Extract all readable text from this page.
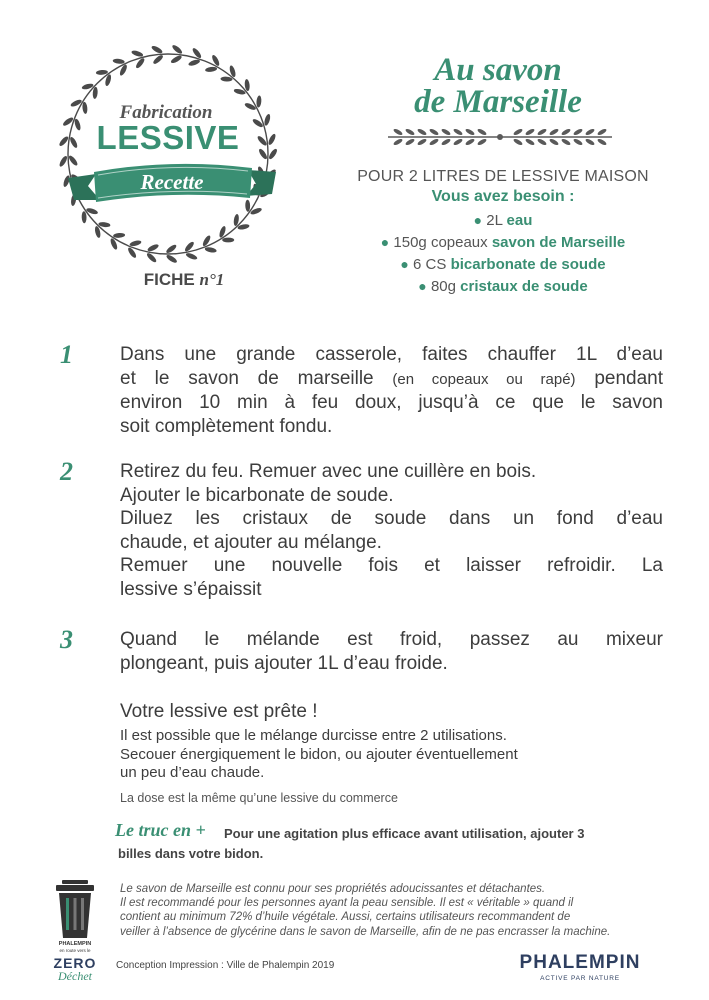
Fabrication
LESSIVE
Recette
FICHE n°1
Au savon
de Marseille
POUR 2 LITRES DE LESSIVE MAISON
Vous avez besoin :
● 2L eau
● 150g copeaux savon de Marseille
● 6 CS bicarbonate de soude
● 80g cristaux de soude
1	Dans une grande casserole, faites chauffer 1L d’eau
et le savon de marseille (en copeaux ou rapé) pendant
environ 10 min à feu doux, jusqu’à ce que le savon
soit complètement fondu.
2	Retirez du feu. Remuer avec une cuillère en bois.
Ajouter le bicarbonate de soude.
Diluez les cristaux de soude dans un fond d’eau
chaude, et ajouter au mélange.
Remuer une nouvelle fois et laisser refroidir. La
lessive s’épaissit
3	Quand le mélande est froid, passez au mixeur
plongeant, puis ajouter 1L d’eau froide.
Votre lessive est prête !
Il est possible que le mélange durcisse entre 2 utilisations.
Secouer énergiquement le bidon, ou ajouter éventuellement
un peu d’eau chaude.
La dose est la même qu’une lessive du commerce
Le truc en + Pour une agitation plus efficace avant utilisation, ajouter 3
billes dans votre bidon.
Le savon de Marseille est connu pour ses propriétés adoucissantes et détachantes.
Il est recommandé pour les personnes ayant la peau sensible. Il est « véritable » quand il
contient au minimum 72% d’huile végétale. Aussi, certains utilisateurs recommandent de
veiller à l’absence de glycérine dans le savon de Marseille, afin de ne pas encrasser la machine.
Conception Impression : Ville de Phalempin 2019
PHALEMPIN
en route vers le
ZERO
Déchet
PHALEMPIN
ACTIVE PAR NATURE
